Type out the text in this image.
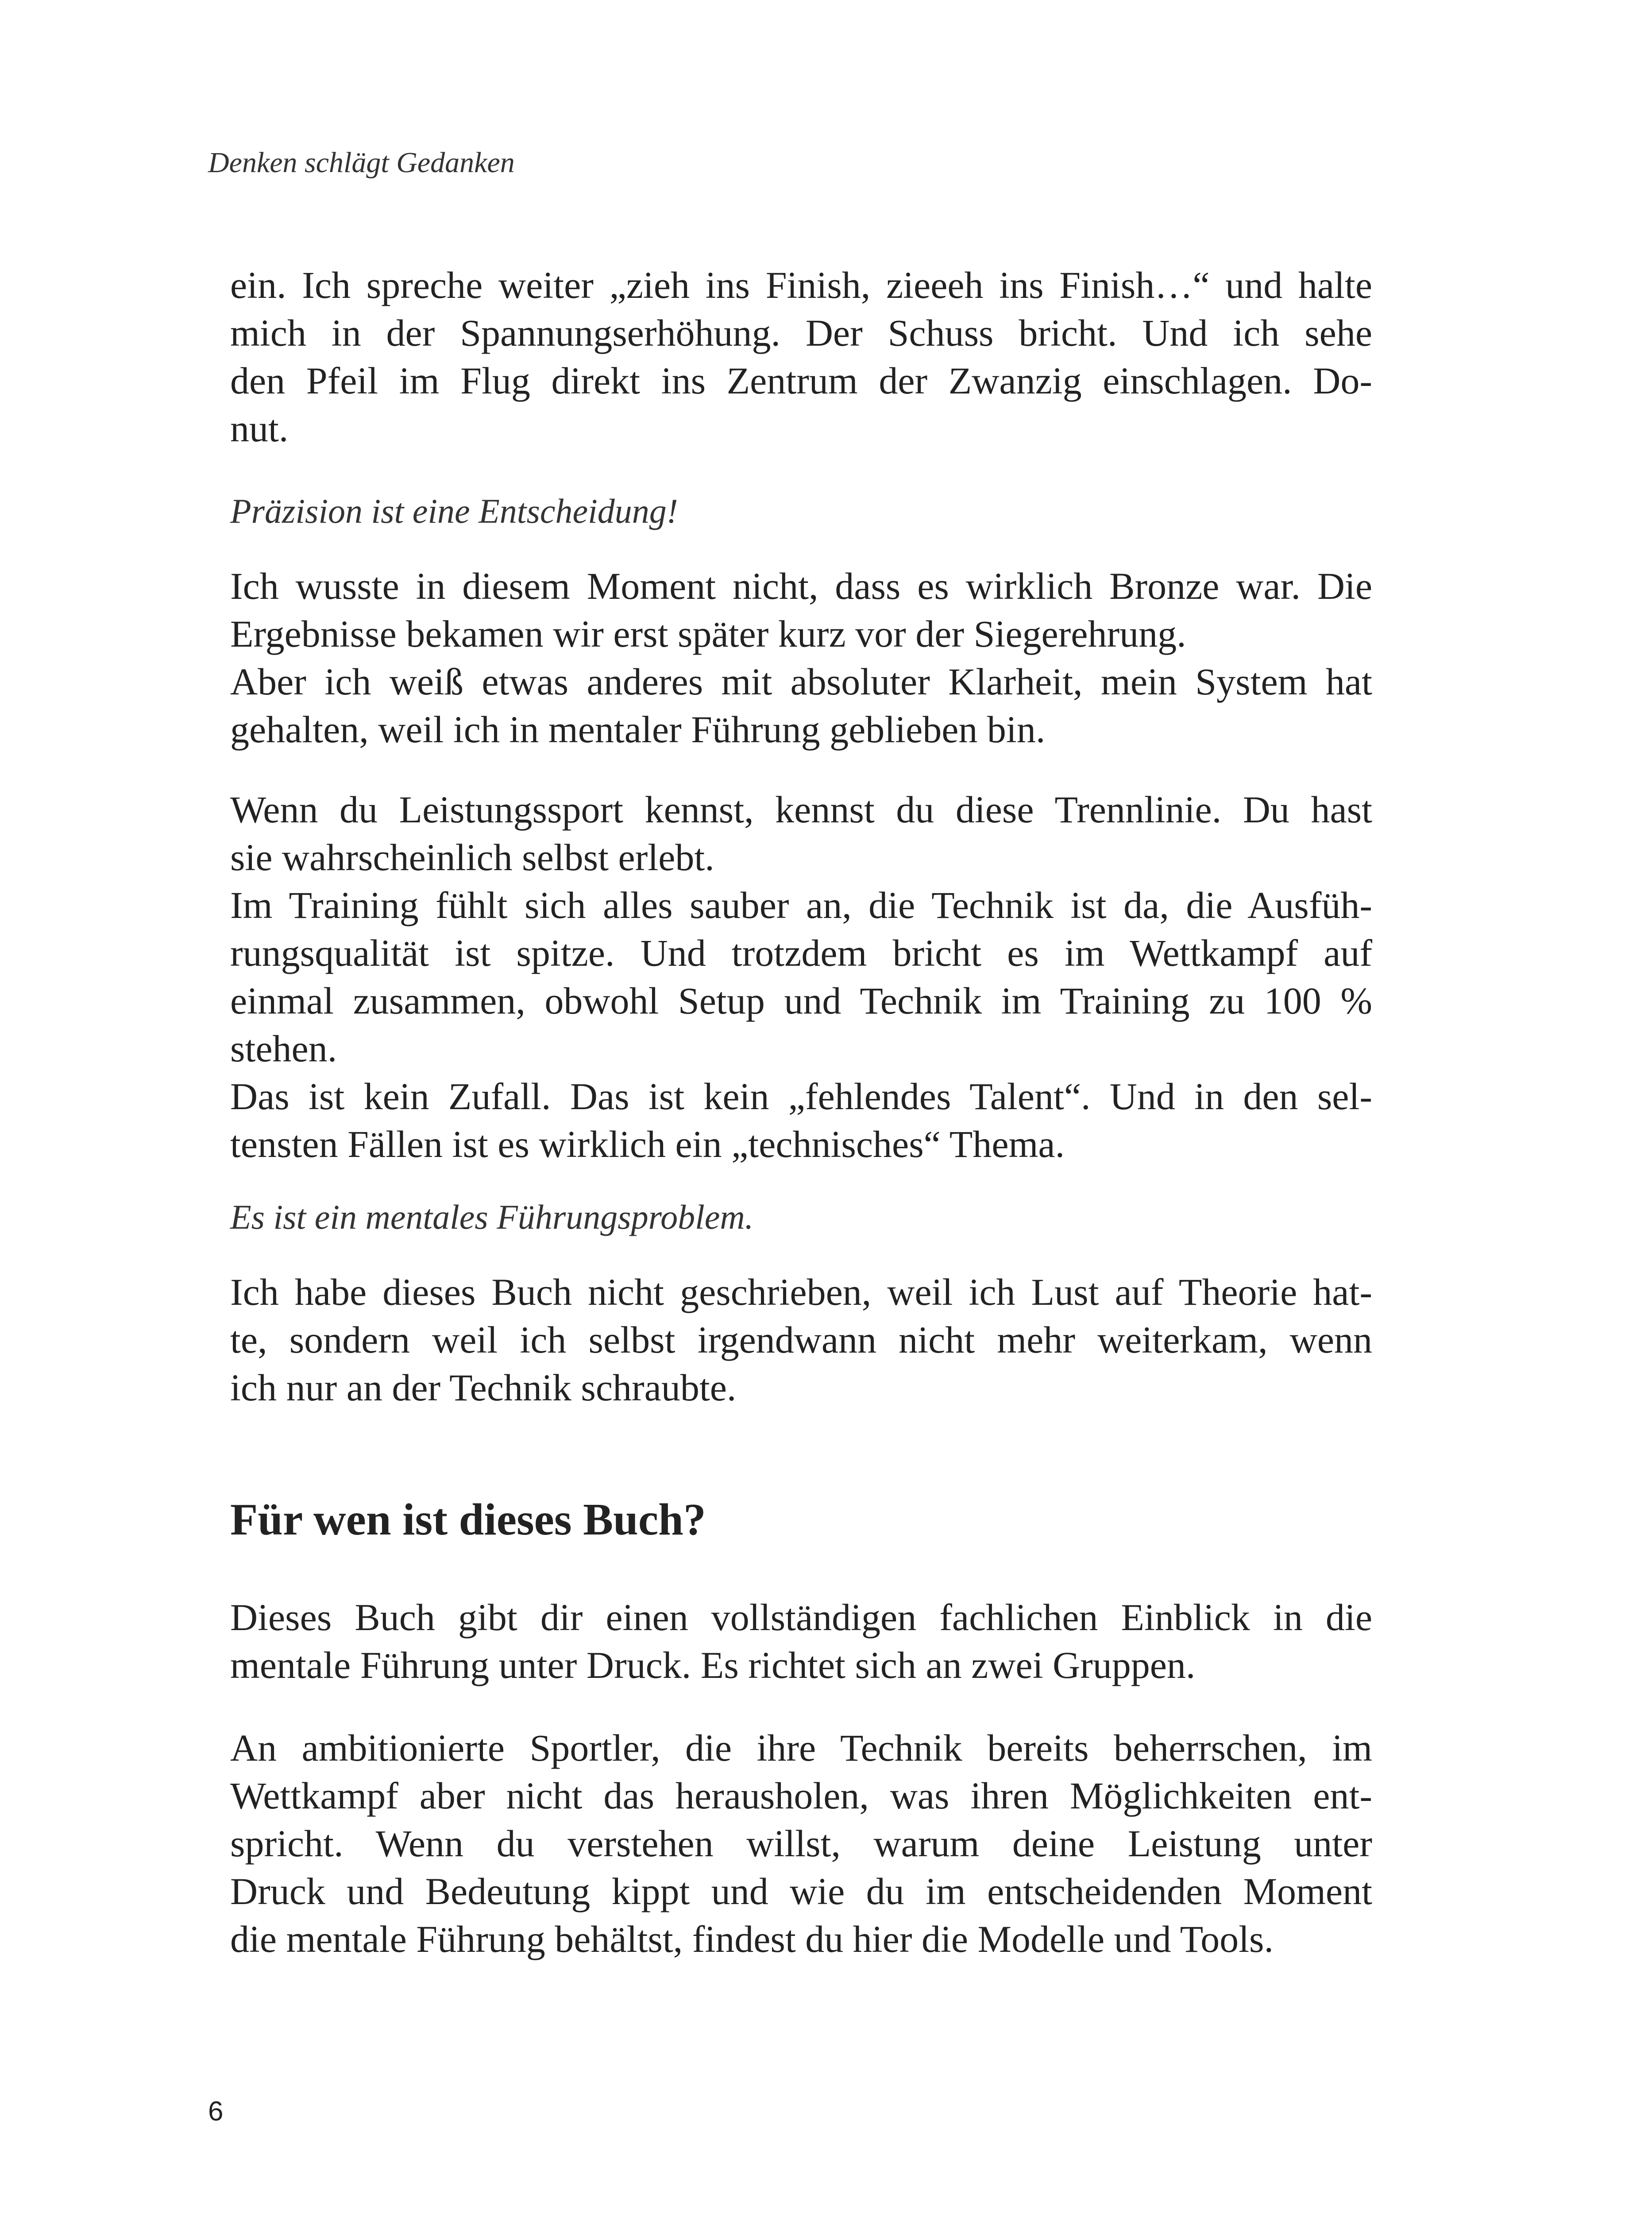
Denken schlägt Gedanken
ein. Ich spreche weiter „zieh ins Finish, zieeeh ins Finish…“ und halte
mich in der Spannungserhöhung. Der Schuss bricht. Und ich sehe
den Pfeil im Flug direkt ins Zentrum der Zwanzig einschlagen. Do-
nut.
Präzision ist eine Entscheidung!
Ich wusste in diesem Moment nicht, dass es wirklich Bronze war. Die
Ergebnisse bekamen wir erst später kurz vor der Siegerehrung.
Aber ich weiß etwas anderes mit absoluter Klarheit, mein System hat
gehalten, weil ich in mentaler Führung geblieben bin.
Wenn du Leistungssport kennst, kennst du diese Trennlinie. Du hast
sie wahrscheinlich selbst erlebt.
Im Training fühlt sich alles sauber an, die Technik ist da, die Ausfüh-
rungsqualität ist spitze. Und trotzdem bricht es im Wettkampf auf
einmal zusammen, obwohl Setup und Technik im Training zu 100 %
stehen.
Das ist kein Zufall. Das ist kein „fehlendes Talent“. Und in den sel-
tensten Fällen ist es wirklich ein „technisches“ Thema.
Es ist ein mentales Führungsproblem.
Ich habe dieses Buch nicht geschrieben, weil ich Lust auf Theorie hat-
te, sondern weil ich selbst irgendwann nicht mehr weiterkam, wenn
ich nur an der Technik schraubte.
Für wen ist dieses Buch?
Dieses Buch gibt dir einen vollständigen fachlichen Einblick in die
mentale Führung unter Druck. Es richtet sich an zwei Gruppen.
An ambitionierte Sportler, die ihre Technik bereits beherrschen, im
Wettkampf aber nicht das herausholen, was ihren Möglichkeiten ent-
spricht. Wenn du verstehen willst, warum deine Leistung unter
Druck und Bedeutung kippt und wie du im entscheidenden Moment
die mentale Führung behältst, findest du hier die Modelle und Tools.
6
